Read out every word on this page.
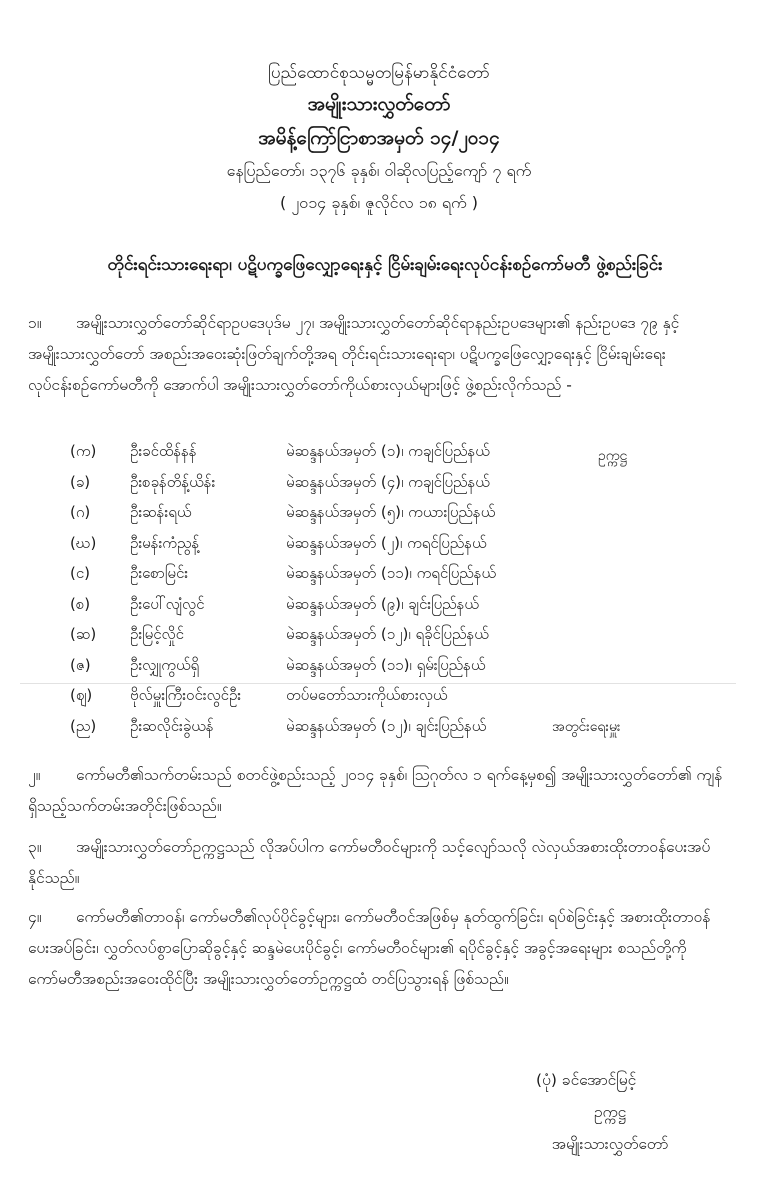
ပြည်ထောင်စုသမ္မတမြန်မာနိုင်ငံတော်
အမျိုးသားလွှတ်တော်
အမိန့်ကြော်ငြာစာအမှတ် ၁၄/၂၀၁၄
နေပြည်တော်၊ ၁၃၇၆ ခုနှစ်၊ ဝါဆိုလပြည့်ကျော် ၇ ရက်
( ၂၀၁၄ ခုနှစ်၊ ဇူလိုင်လ ၁၈ ရက် )
တိုင်းရင်းသားရေးရာ၊ ပဋိပက္ခဖြေလျှော့ရေးနှင့် ငြိမ်းချမ်းရေးလုပ်ငန်းစဉ်ကော်မတီ ဖွဲ့စည်းခြင်း
၁။ အမျိုးသားလွှတ်တော်ဆိုင်ရာဥပဒေပုဒ်မ ၂၇၊ အမျိုးသားလွှတ်တော်ဆိုင်ရာနည်းဥပဒေများ၏ နည်းဥပဒေ ၇၉ နှင့် အမျိုးသားလွှတ်တော် အစည်းအဝေးဆုံးဖြတ်ချက်တို့အရ တိုင်းရင်းသားရေးရာ၊ ပဋိပက္ခဖြေလျှော့ရေးနှင့် ငြိမ်းချမ်းရေးလုပ်ငန်းစဉ်ကော်မတီကို အောက်ပါ အမျိုးသားလွှတ်တော်ကိုယ်စားလှယ်များဖြင့် ဖွဲ့စည်းလိုက်သည် -
(က) ဦးခင်ထိန်နန်	မဲဆန္ဒနယ်အမှတ် (၁)၊ ကချင်ပြည်နယ်	ဥက္ကဋ္ဌ
(ခ)	ဦးစခုန်တိန့်ယိန်း	မဲဆန္ဒနယ်အမှတ် (၄)၊ ကချင်ပြည်နယ်
(ဂ)	ဦးဆန်းရယ်	မဲဆန္ဒနယ်အမှတ် (၅)၊ ကယားပြည်နယ်
(ဃ) ဦးမန်းကံညွန့်	မဲဆန္ဒနယ်အမှတ် (၂)၊ ကရင်ပြည်နယ်
(င)	ဦးစောမြင်း	မဲဆန္ဒနယ်အမှတ် (၁၁)၊ ကရင်ပြည်နယ်
(စ)	ဦးပေါ်လျံလွင်	မဲဆန္ဒနယ်အမှတ် (၉)၊ ချင်းပြည်နယ်
(ဆ) ဦးမြင့်လှိုင်	မဲဆန္ဒနယ်အမှတ် (၁၂)၊ ရခိုင်ပြည်နယ်
(ဇ)	ဦးလျှုကွယ်ရှိ	မဲဆန္ဒနယ်အမှတ် (၁၁)၊ ရှမ်းပြည်နယ်
(ဈ)	ဗိုလ်မှူးကြီးဝင်းလွင်ဦး	တပ်မတော်သားကိုယ်စားလှယ်
(ည) ဦးဆလိုင်းခွဲယန်	မဲဆန္ဒနယ်အမှတ် (၁၂)၊ ချင်းပြည်နယ်	အတွင်းရေးမှူး
၂။ ကော်မတီ၏သက်တမ်းသည် စတင်ဖွဲ့စည်းသည့် ၂၀၁၄ ခုနှစ်၊ ဩဂုတ်လ ၁ ရက်နေ့မှစ၍ အမျိုးသားလွှတ်တော်၏ ကျန်ရှိသည့်သက်တမ်းအတိုင်းဖြစ်သည်။
၃။ အမျိုးသားလွှတ်တော်ဥက္ကဋ္ဌသည် လိုအပ်ပါက ကော်မတီဝင်များကို သင့်လျော်သလို လဲလှယ်အစားထိုးတာဝန်ပေးအပ်နိုင်သည်။
၄။ ကော်မတီ၏တာဝန်၊ ကော်မတီ၏လုပ်ပိုင်ခွင့်များ၊ ကော်မတီဝင်အဖြစ်မှ နုတ်ထွက်ခြင်း၊ ရပ်စဲခြင်းနှင့် အစားထိုးတာဝန်ပေးအပ်ခြင်း၊ လွှတ်လပ်စွာပြောဆိုခွင့်နှင့် ဆန္ဒမဲပေးပိုင်ခွင့်၊ ကော်မတီဝင်များ၏ ရပိုင်ခွင့်နှင့် အခွင့်အရေးများ စသည်တို့ကို ကော်မတီအစည်းအဝေးထိုင်ပြီး အမျိုးသားလွှတ်တော်ဥက္ကဋ္ဌထံ တင်ပြသွားရန် ဖြစ်သည်။
(ပုံ) ခင်အောင်မြင့်
ဥက္ကဋ္ဌ
အမျိုးသားလွှတ်တော်
